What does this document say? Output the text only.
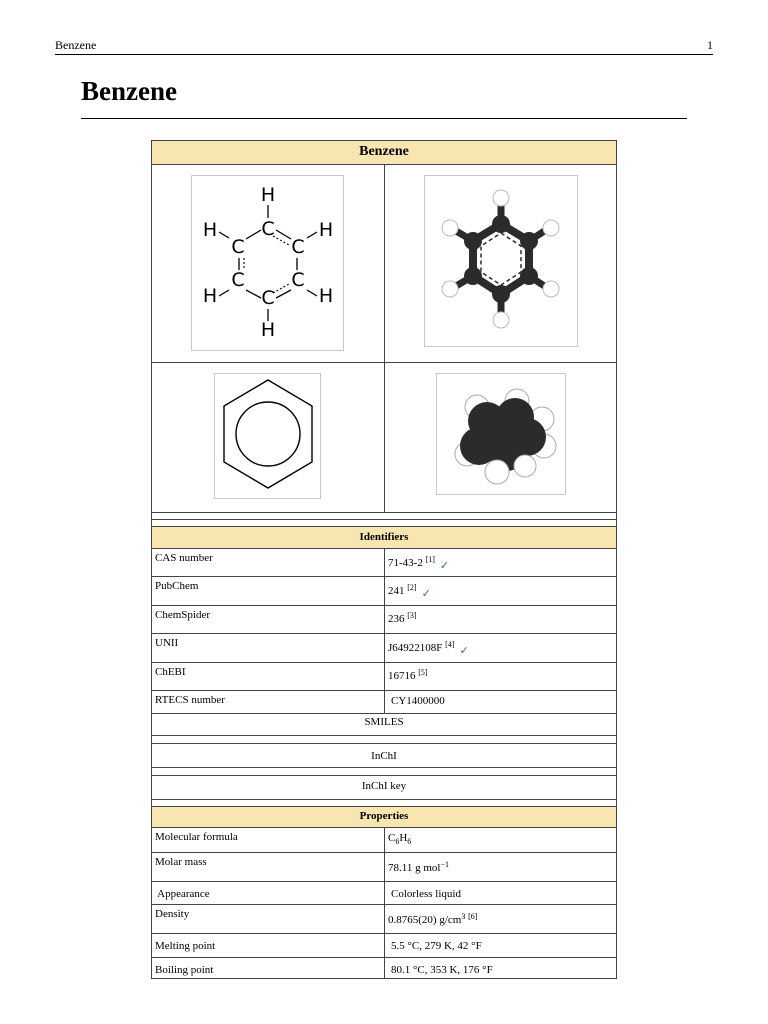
Benzene	1
Benzene
Benzene
H
C
C C
C C
C
H	H
H	H
H
Identifiers
CAS number	71-43-2 [1]✓
PubChem	241 [2]✓
ChemSpider	236 [3]
UNII	J64922108F [4]✓
ChEBI	16716 [5]
RTECS number	CY1400000
SMILES
InChI
InChI key
Properties
Molecular formula	$C_6H_6$
Molar mass	78.11 g mol$^{-1}$
Appearance	Colorless liquid
Density	0.8765(20) $g/cm^3$ [6]
Melting point	5.5 °C, 279 K, 42 °F
Boiling point	80.1 °C, 353 K, 176 °F
